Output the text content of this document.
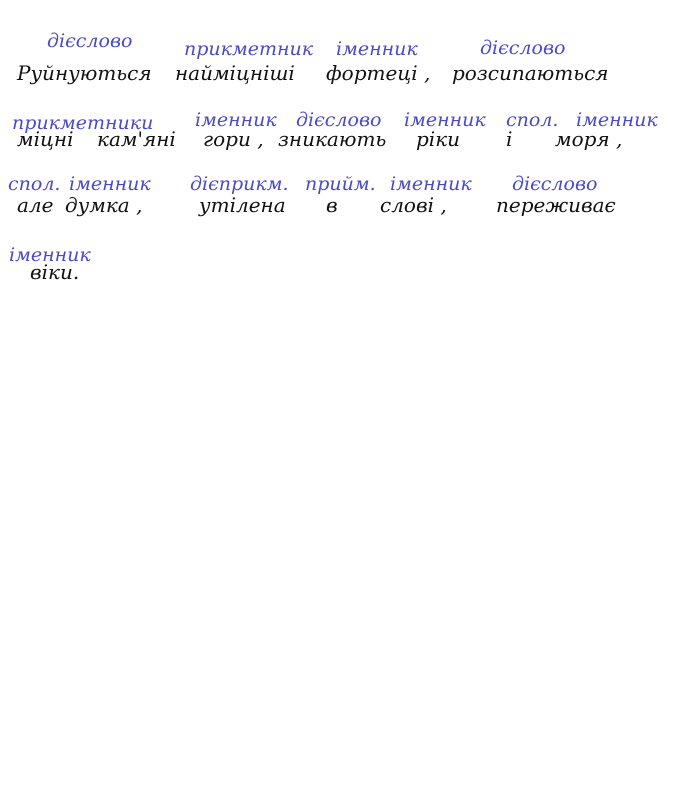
дієслово
Руйнуються
прикметник
наймiцнiшi
iменник
фортецi ,
дієслово
розсипаються
прикметники
мiцнi кам'янi
iменник
гори ,
дієслово
зникають
iменник
рiки
спол.
i
iменник
моря ,
спол.
але
iменник
думка ,
дiєприкм.
утiлена
прийм.
в
iменник
словi ,
дієслово
переживає
iменник
вiки.
